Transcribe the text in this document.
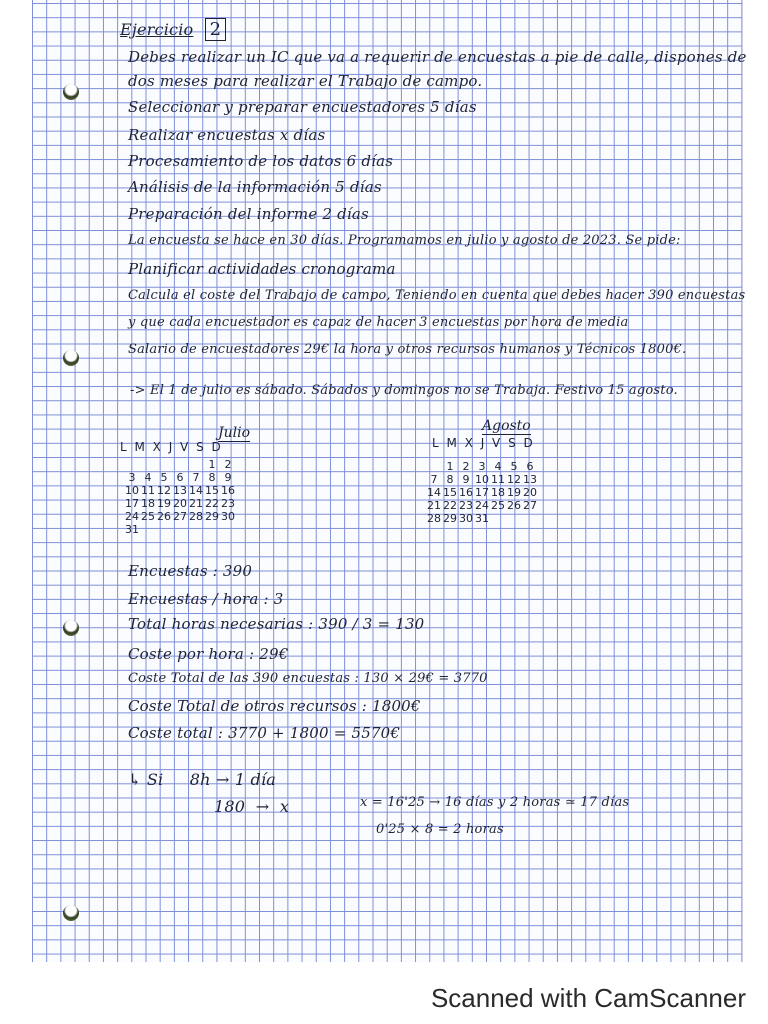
Ejercicio 2

Debes realizar un IC que va a requerir de encuestas a pie de calle, dispones de

dos meses para realizar el Trabajo de campo.

Seleccionar y preparar encuestadores 5 días

Realizar encuestas x días

Procesamiento de los datos 6 días

Análisis de la información 5 días

Preparación del informe 2 días

La encuesta se hace en 30 días. Programamos en julio y agosto de 2023. Se pide:

Planificar actividades cronograma

Calcula el coste del Trabajo de campo, Teniendo en cuenta que debes hacer 390 encuestas

y que cada encuestador es capaz de hacer 3 encuestas por hora de media

Salario de encuestadores 29€ la hora y otros recursos humanos y Técnicos 1800€.

-> El 1 de julio es sábado. Sábados y domingos no se Trabaja. Festivo 15 agosto.

Julio
L M X J V S D
					1	2
3	4	5	6	7	8	9
10	11	12	13	14	15	16
17	18	19	20	21	22	23
24	25	26	27	28	29	30
31						
Agosto
L M X J V S D
	1	2	3	4	5	6
7	8	9	10	11	12	13
14	15	16	17	18	19	20
21	22	23	24	25	26	27
28	29	30	31			

Encuestas : 390

Encuestas / hora : 3

Total horas necesarias : 390 / 3 = 130

Coste por hora : 29€

Coste Total de las 390 encuestas : 130 × 29€ = 3770

Coste Total de otros recursos : 1800€

Coste total : 3770 + 1800 = 5570€

↳ Si     8h → 1 día

180  →  x	x = 16'25 → 16 días y 2 horas ≃ 17 días

0'25 × 8 = 2 horas

Scanned with CamScanner
